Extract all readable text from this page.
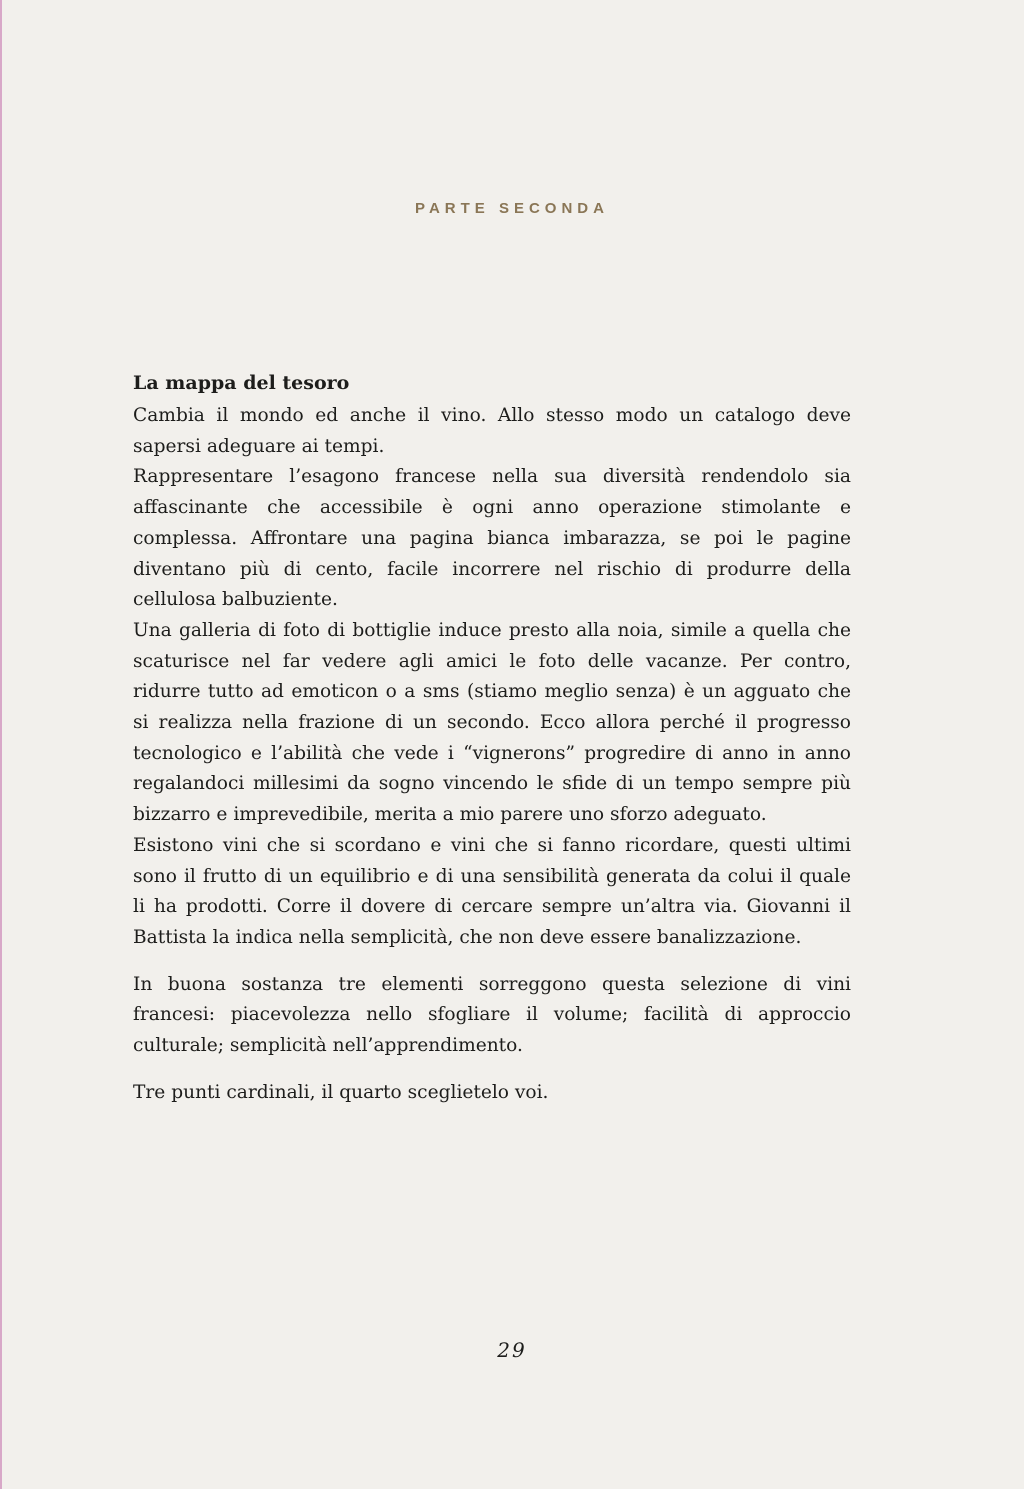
PARTE SECONDA
La mappa del tesoro

Cambia il mondo ed anche il vino. Allo stesso modo un catalogo deve sapersi adeguare ai tempi.

Rappresentare l’esagono francese nella sua diversità rendendolo sia affascinante che accessibile è ogni anno operazione stimolante e complessa. Affrontare una pagina bianca imbarazza, se poi le pagine diventano più di cento, facile incorrere nel rischio di produrre della cellulosa balbuziente.

Una galleria di foto di bottiglie induce presto alla noia, simile a quella che scaturisce nel far vedere agli amici le foto delle vacanze. Per contro, ridurre tutto ad emoticon o a sms (stiamo meglio senza) è un agguato che si realizza nella frazione di un secondo. Ecco allora perché il progresso tecnologico e l’abilità che vede i “vignerons” progredire di anno in anno regalandoci millesimi da sogno vincendo le sfide di un tempo sempre più bizzarro e imprevedibile, merita a mio parere uno sforzo adeguato.

Esistono vini che si scordano e vini che si fanno ricordare, questi ultimi sono il frutto di un equilibrio e di una sensibilità generata da colui il quale li ha prodotti. Corre il dovere di cercare sempre un’altra via. Giovanni il Battista la indica nella semplicità, che non deve essere banalizzazione.

In buona sostanza tre elementi sorreggono questa selezione di vini francesi: piacevolezza nello sfogliare il volume; facilità di approccio culturale; semplicità nell’apprendimento.

Tre punti cardinali, il quarto sceglietelo voi.

29
